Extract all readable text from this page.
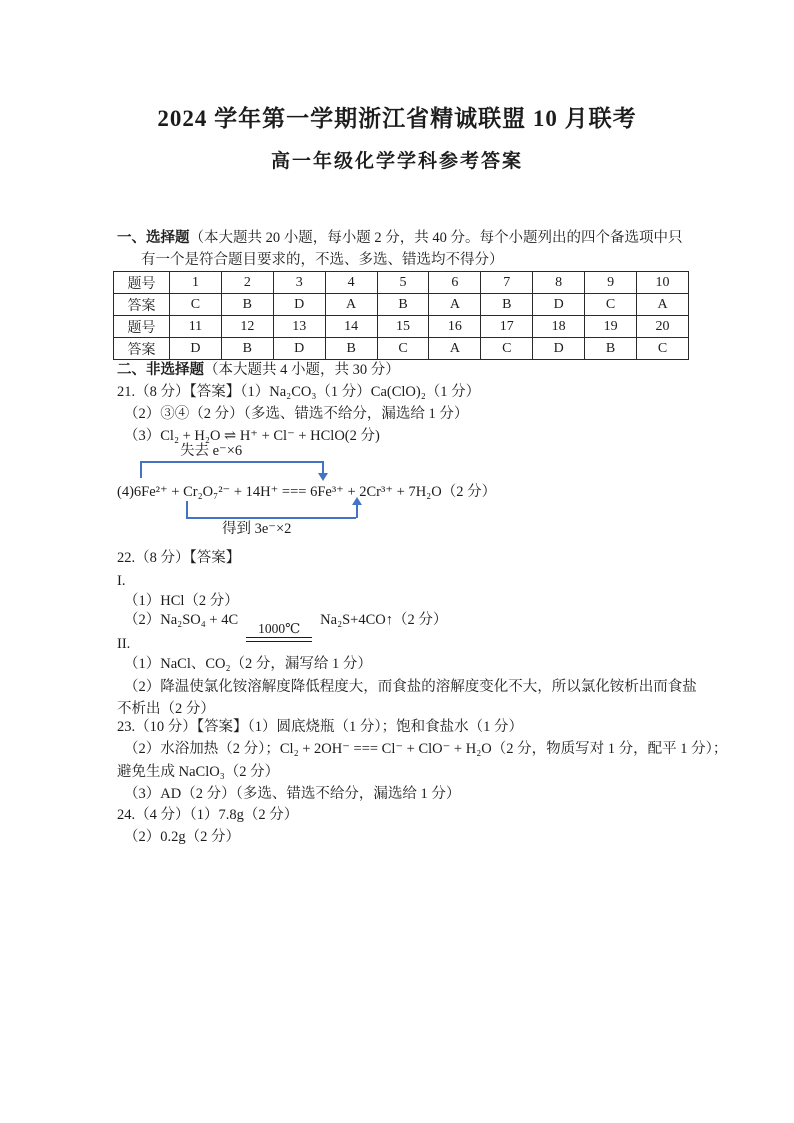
2024 学年第一学期浙江省精诚联盟 10 月联考
高一年级化学学科参考答案
一、选择题（本大题共 20 小题，每小题 2 分，共 40 分。每个小题列出的四个备选项中只
有一个是符合题目要求的，不选、多选、错选均不得分）
题号	1	2	3	4	5	6	7	8	9	10
答案	C	B	D	A	B	A	B	D	C	A
题号	11	12	13	14	15	16	17	18	19	20
答案	D	B	D	B	C	A	C	D	B	C
二、非选择题（本大题共 4 小题，共 30 分）
21.（8 分）【答案】（1）Na₂CO₃（1 分）Ca(ClO)₂（1 分）
（2）③④（2 分）（多选、错选不给分，漏选给 1 分）
（3）Cl₂ + H₂O ⇌ H⁺ + Cl⁻ + HClO(2 分)
失去 e⁻×6
(4)6Fe²⁺ + Cr₂O₇²⁻ + 14H⁺ === 6Fe³⁺ + 2Cr³⁺ + 7H₂O（2 分）
得到 3e⁻×2
22.（8 分）【答案】
I.
（1）HCl（2 分）
（2）Na₂SO₄ + 4C
1000℃
Na₂S+4CO↑（2 分）
II.
（1）NaCl、CO₂（2 分，漏写给 1 分）
（2）降温使氯化铵溶解度降低程度大，而食盐的溶解度变化不大，所以氯化铵析出而食盐
不析出（2 分）
23.（10 分）【答案】（1）圆底烧瓶（1 分）；饱和食盐水（1 分）
（2）水浴加热（2 分）；Cl₂ + 2OH⁻ === Cl⁻ + ClO⁻ + H₂O（2 分，物质写对 1 分，配平 1 分）；
避免生成 NaClO₃（2 分）
（3）AD（2 分）（多选、错选不给分，漏选给 1 分）
24.（4 分）（1）7.8g（2 分）
（2）0.2g（2 分）
